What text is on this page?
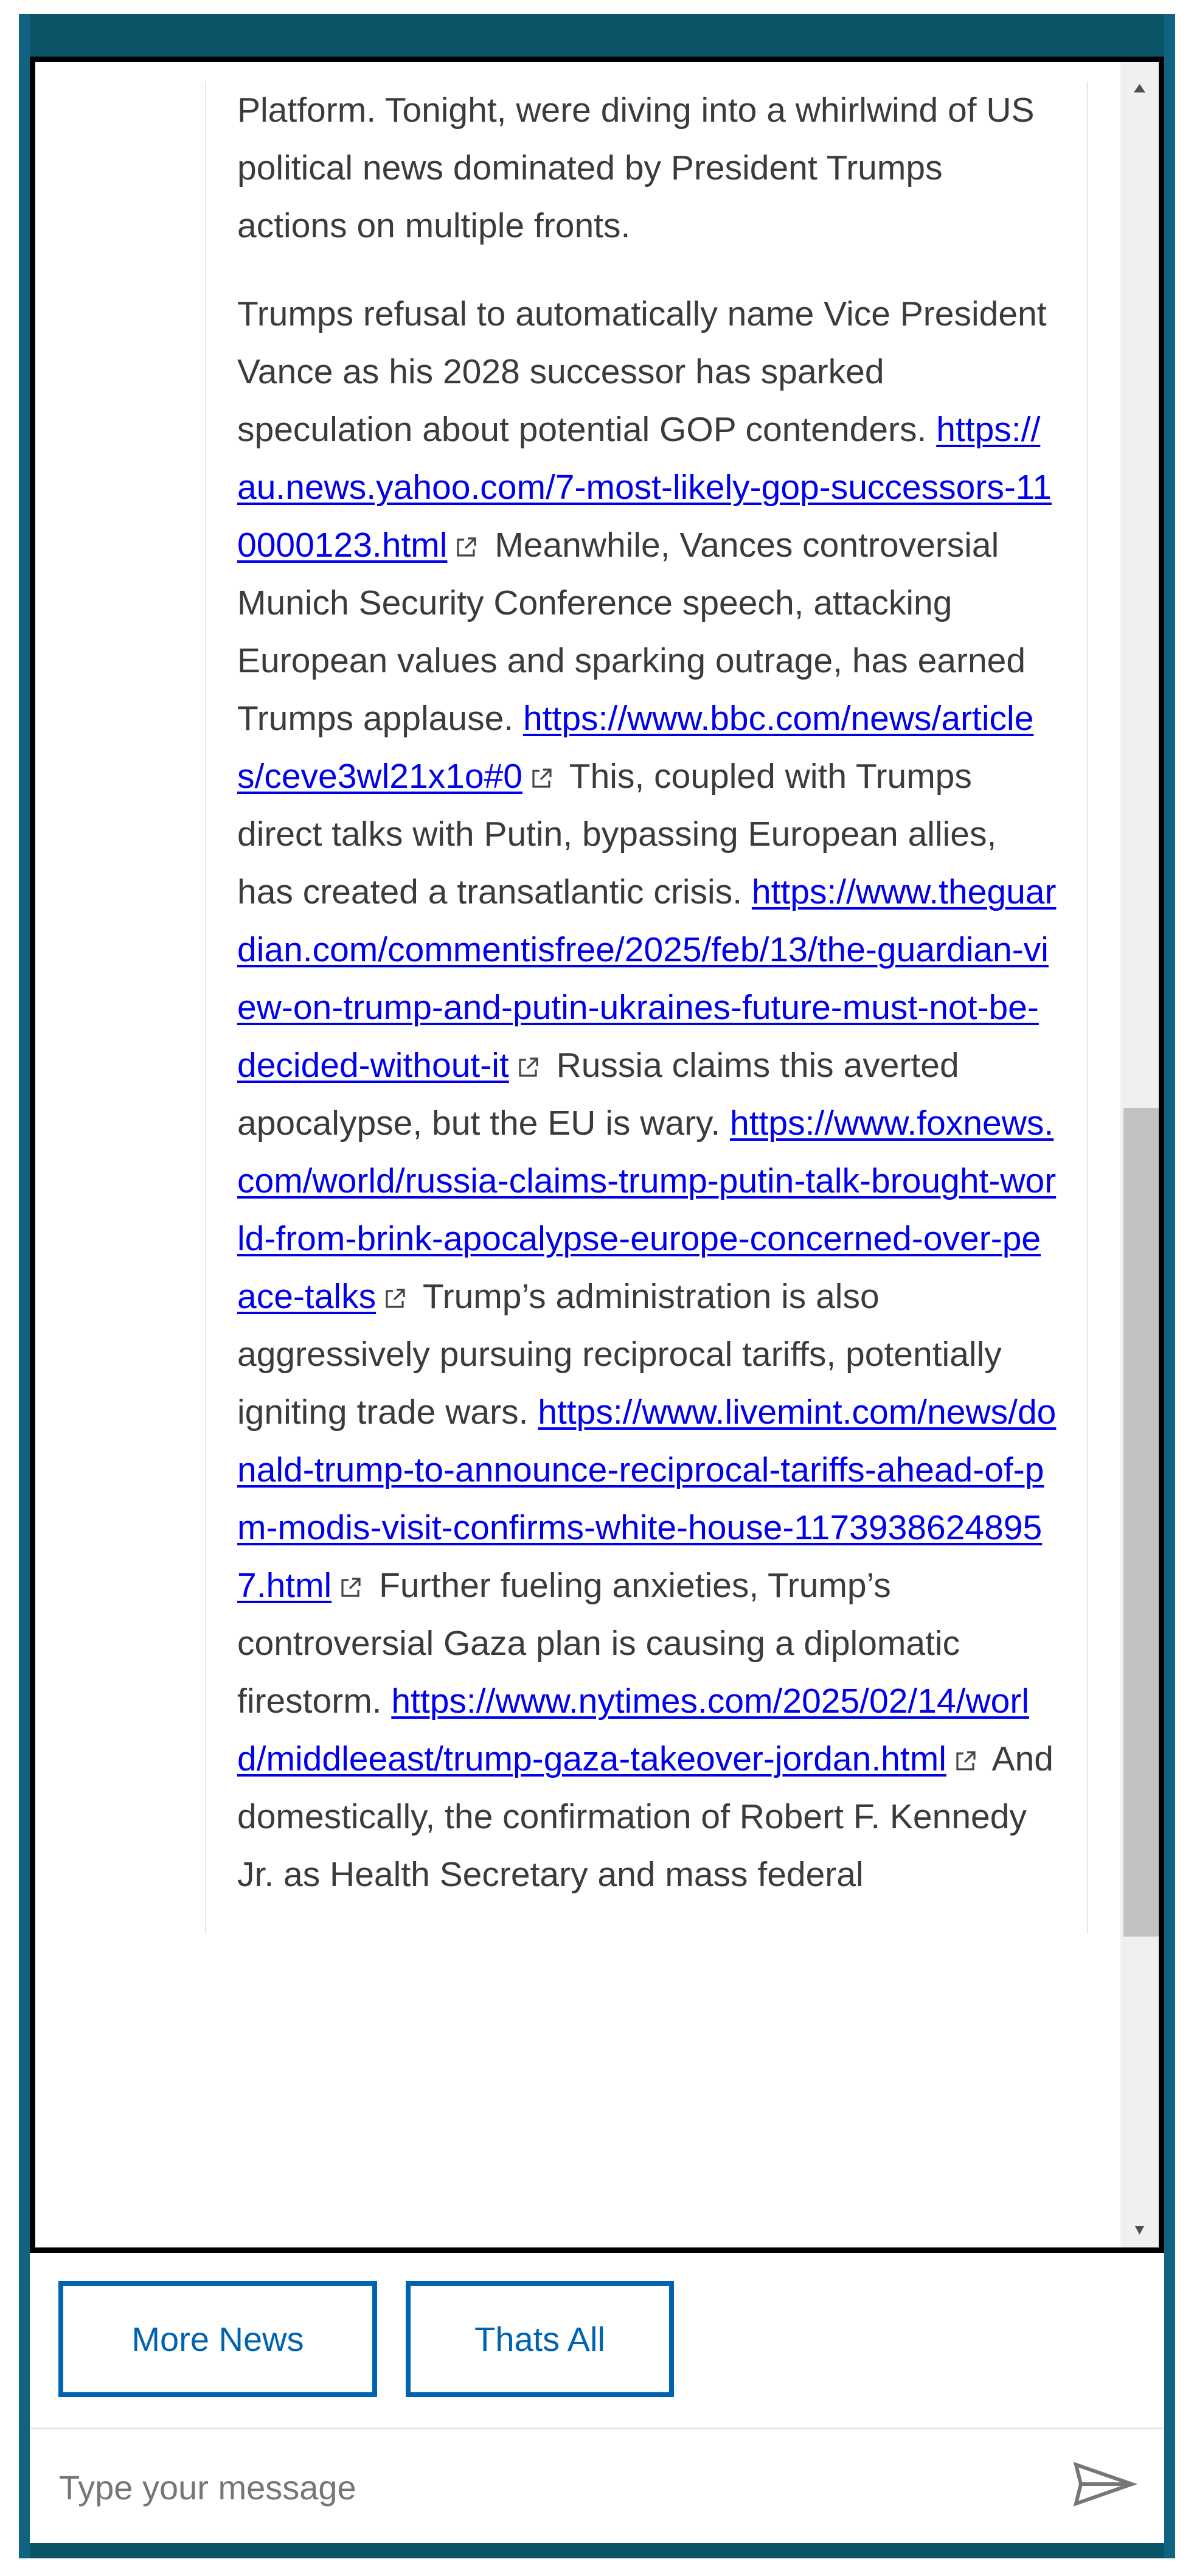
Platform. Tonight, were diving into a whirlwind of US political news dominated by President Trumps actions on multiple fronts.

Trumps refusal to automatically name Vice President Vance as his 2028 successor has sparked speculation about potential GOP contenders. https://au.news.yahoo.com/7-most-likely-gop-successors-110000123.html Meanwhile, Vances controversial Munich Security Conference speech, attacking European values and sparking outrage, has earned Trumps applause. https://www.bbc.com/news/articles/ceve3wl21x1o#0 This, coupled with Trumps direct talks with Putin, bypassing European allies, has created a transatlantic crisis. https://www.theguardian.com/commentisfree/2025/feb/13/the-guardian-view-on-trump-and-putin-ukraines-future-must-not-be-decided-without-it Russia claims this averted apocalypse, but the EU is wary. https://www.foxnews.com/world/russia-claims-trump-putin-talk-brought-world-from-brink-apocalypse-europe-concerned-over-peace-talks Trump’s administration is also aggressively pursuing reciprocal tariffs, potentially igniting trade wars. https://www.livemint.com/news/donald-trump-to-announce-reciprocal-tariffs-ahead-of-pm-modis-visit-confirms-white-house-11739386248957.html Further fueling anxieties, Trump’s controversial Gaza plan is causing a diplomatic firestorm. https://www.nytimes.com/2025/02/14/world/middleeast/trump-gaza-takeover-jordan.html And domestically, the confirmation of Robert F. Kennedy Jr. as Health Secretary and mass federal

More News	Thats All
Type your message
